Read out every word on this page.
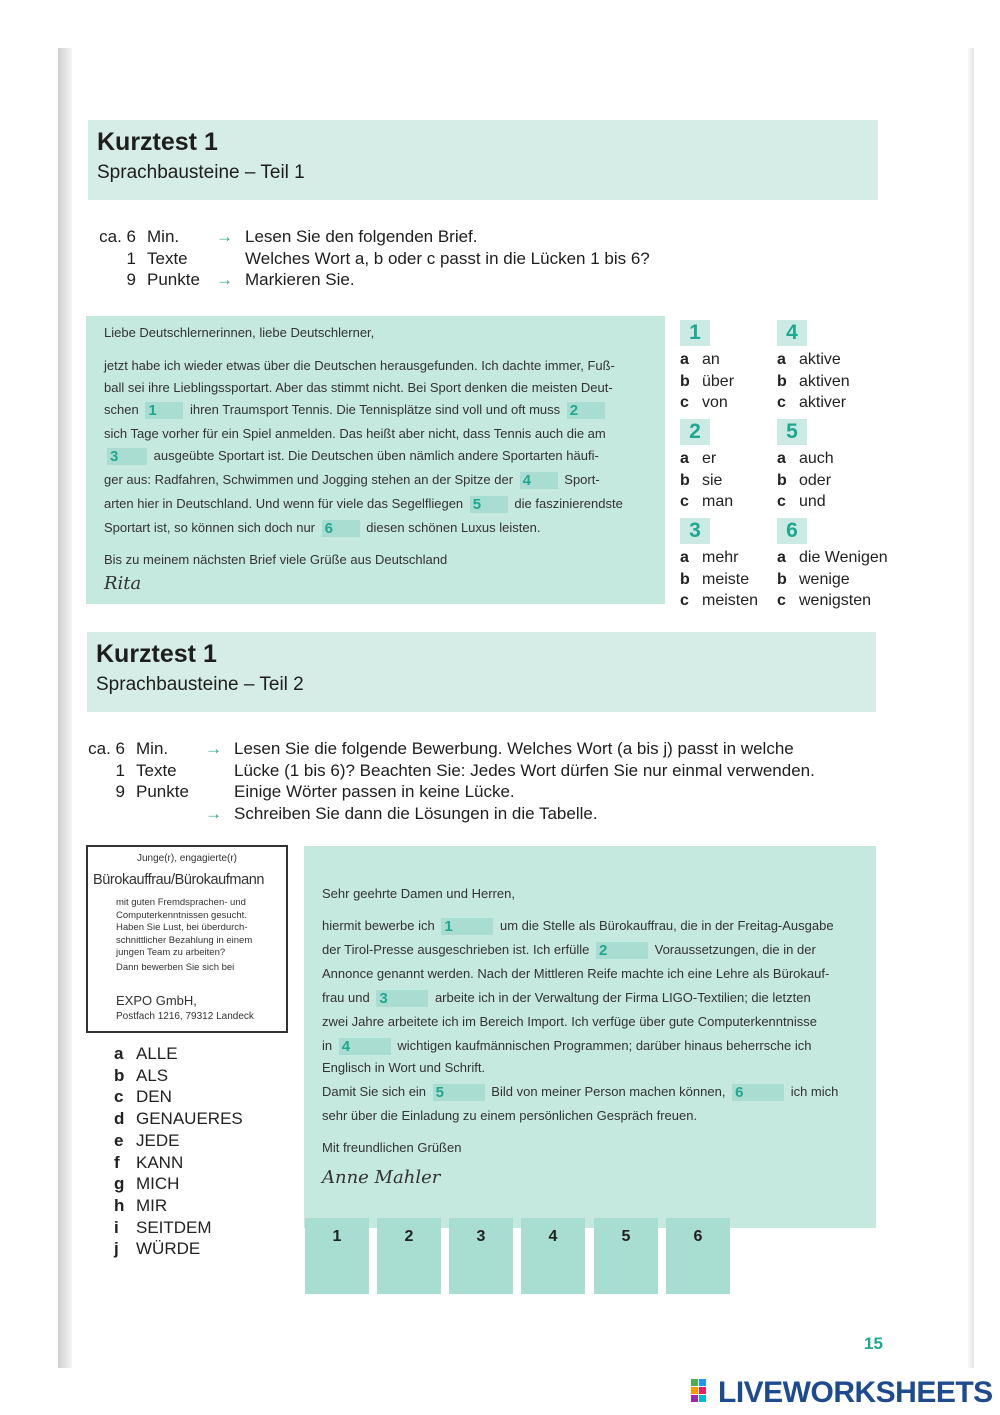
Kurztest 1
Sprachbausteine – Teil 1
ca. 6 Min. → Lesen Sie den folgenden Brief.
1 Texte	Welches Wort a, b oder c passt in die Lücken 1 bis 6?
9 Punkte → Markieren Sie.

Liebe Deutschlernerinnen, liebe Deutschlerner,

jetzt habe ich wieder etwas über die Deutschen herausgefunden. Ich dachte immer, Fuß-

ball sei ihre Lieblingssportart. Aber das stimmt nicht. Bei Sport denken die meisten Deut-

schen 1	ihren Traumsport Tennis. Die Tennisplätze sind voll und oft muss 2

sich Tage vorher für ein Spiel anmelden. Das heißt aber nicht, dass Tennis auch die am

3	ausgeübte Sportart ist. Die Deutschen üben nämlich andere Sportarten häufi-

ger aus: Radfahren, Schwimmen und Jogging stehen an der Spitze der 4	Sport-

arten hier in Deutschland. Und wenn für viele das Segelfliegen 5	die faszinierendste

Sportart ist, so können sich doch nur 6	diesen schönen Luxus leisten.

Bis zu meinem nächsten Brief viele Grüße aus Deutschland

Rita
1
a an
b über
c von
2
a er
b sie
c man
3
a mehr
b meiste
c meisten
4
a aktive
b aktiven
c aktiver
5
a auch
b oder
c und
6
a die Wenigen
b wenige
c wenigsten
Kurztest 1
Sprachbausteine – Teil 2
ca. 6 Min. → Lesen Sie die folgende Bewerbung. Welches Wort (a bis j) passt in welche
1 Texte	Lücke (1 bis 6)? Beachten Sie: Jedes Wort dürfen Sie nur einmal verwenden.
9 Punkte	Einige Wörter passen in keine Lücke.
→ Schreiben Sie dann die Lösungen in die Tabelle.
Junge(r), engagierte(r)
Bürokauffrau/Bürokaufmann
mit guten Fremdsprachen- und
Computerkenntnissen gesucht.
Haben Sie Lust, bei überdurch-
schnittlicher Bezahlung in einem
jungen Team zu arbeiten?
Dann bewerben Sie sich bei
EXPO GmbH,
Postfach 1216, 79312 Landeck
a ALLE
b ALS
c DEN
d GENAUERES
e JEDE
f KANN
g MICH
h MIR
i SEITDEM
j WÜRDE

Sehr geehrte Damen und Herren,

hiermit bewerbe ich 1	um die Stelle als Bürokauffrau, die in der Freitag-Ausgabe

der Tirol-Presse ausgeschrieben ist. Ich erfülle 2	Voraussetzungen, die in der

Annonce genannt werden. Nach der Mittleren Reife machte ich eine Lehre als Bürokauf-

frau und 3	arbeite ich in der Verwaltung der Firma LIGO-Textilien; die letzten

zwei Jahre arbeitete ich im Bereich Import. Ich verfüge über gute Computerkenntnisse

in 4	wichtigen kaufmännischen Programmen; darüber hinaus beherrsche ich

Englisch in Wort und Schrift.

Damit Sie sich ein 5	Bild von meiner Person machen können, 6	ich mich

sehr über die Einladung zu einem persönlichen Gespräch freuen.

Mit freundlichen Grüßen

Anne Mahler
1	2	3	4	5	6
15
LIVEWORKSHEETS
